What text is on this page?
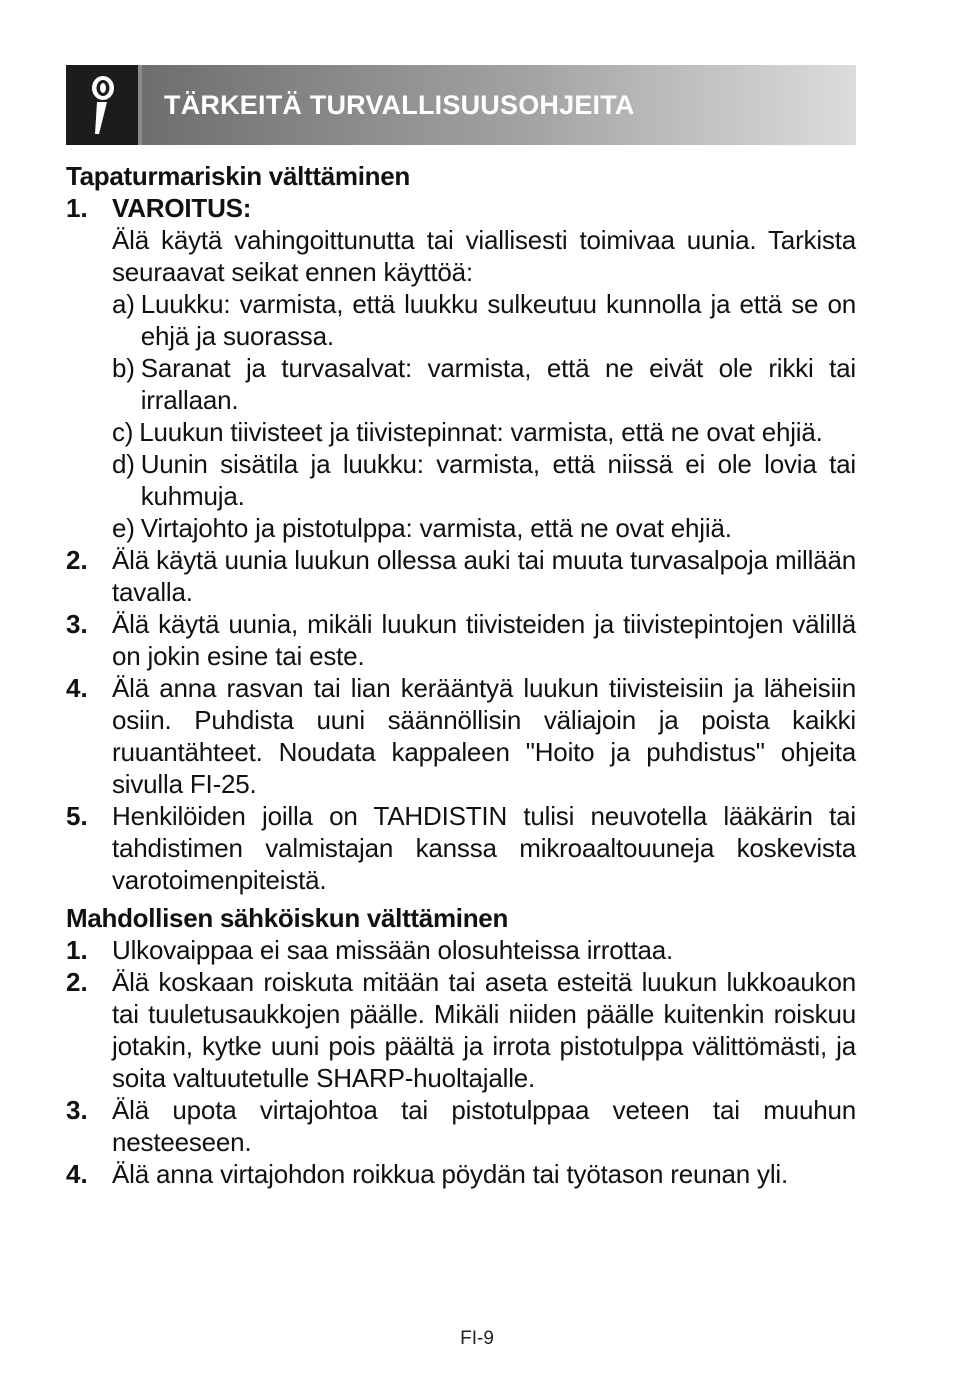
TÄRKEITÄ TURVALLISUUSOHJEITA
Tapaturmariskin välttäminen
1. VAROITUS:
Älä käytä vahingoittunutta tai viallisesti toimivaa uunia. Tarkista seuraavat seikat ennen käyttöä:
a) Luukku: varmista, että luukku sulkeutuu kunnolla ja että se on ehjä ja suorassa.
b) Saranat ja turvasalvat: varmista, että ne eivät ole rikki tai irrallaan.
c) Luukun tiivisteet ja tiivistepinnat: varmista, että ne ovat ehjiä.
d) Uunin sisätila ja luukku: varmista, että niissä ei ole lovia tai kuhmuja.
e) Virtajohto ja pistotulppa: varmista, että ne ovat ehjiä.
2. Älä käytä uunia luukun ollessa auki tai muuta turvasalpoja millään tavalla.
3. Älä käytä uunia, mikäli luukun tiivisteiden ja tiivistepintojen välillä on jokin esine tai este.
4. Älä anna rasvan tai lian kerääntyä luukun tiivisteisiin ja läheisiin osiin. Puhdista uuni säännöllisin väliajoin ja poista kaikki ruuantähteet. Noudata kappaleen "Hoito ja puhdistus" ohjeita sivulla FI-25.
5. Henkilöiden joilla on TAHDISTIN tulisi neuvotella lääkärin tai tahdistimen valmistajan kanssa mikroaaltouuneja koskevista varotoimenpiteistä.
Mahdollisen sähköiskun välttäminen
1. Ulkovaippaa ei saa missään olosuhteissa irrottaa.
2. Älä koskaan roiskuta mitään tai aseta esteitä luukun lukkoaukon tai tuuletusaukkojen päälle. Mikäli niiden päälle kuitenkin roiskuu jotakin, kytke uuni pois päältä ja irrota pistotulppa välittömästi, ja soita valtuutetulle SHARP-huoltajalle.
3. Älä upota virtajohtoa tai pistotulppaa veteen tai muuhun nesteeseen.
4. Älä anna virtajohdon roikkua pöydän tai työtason reunan yli.
FI-9
